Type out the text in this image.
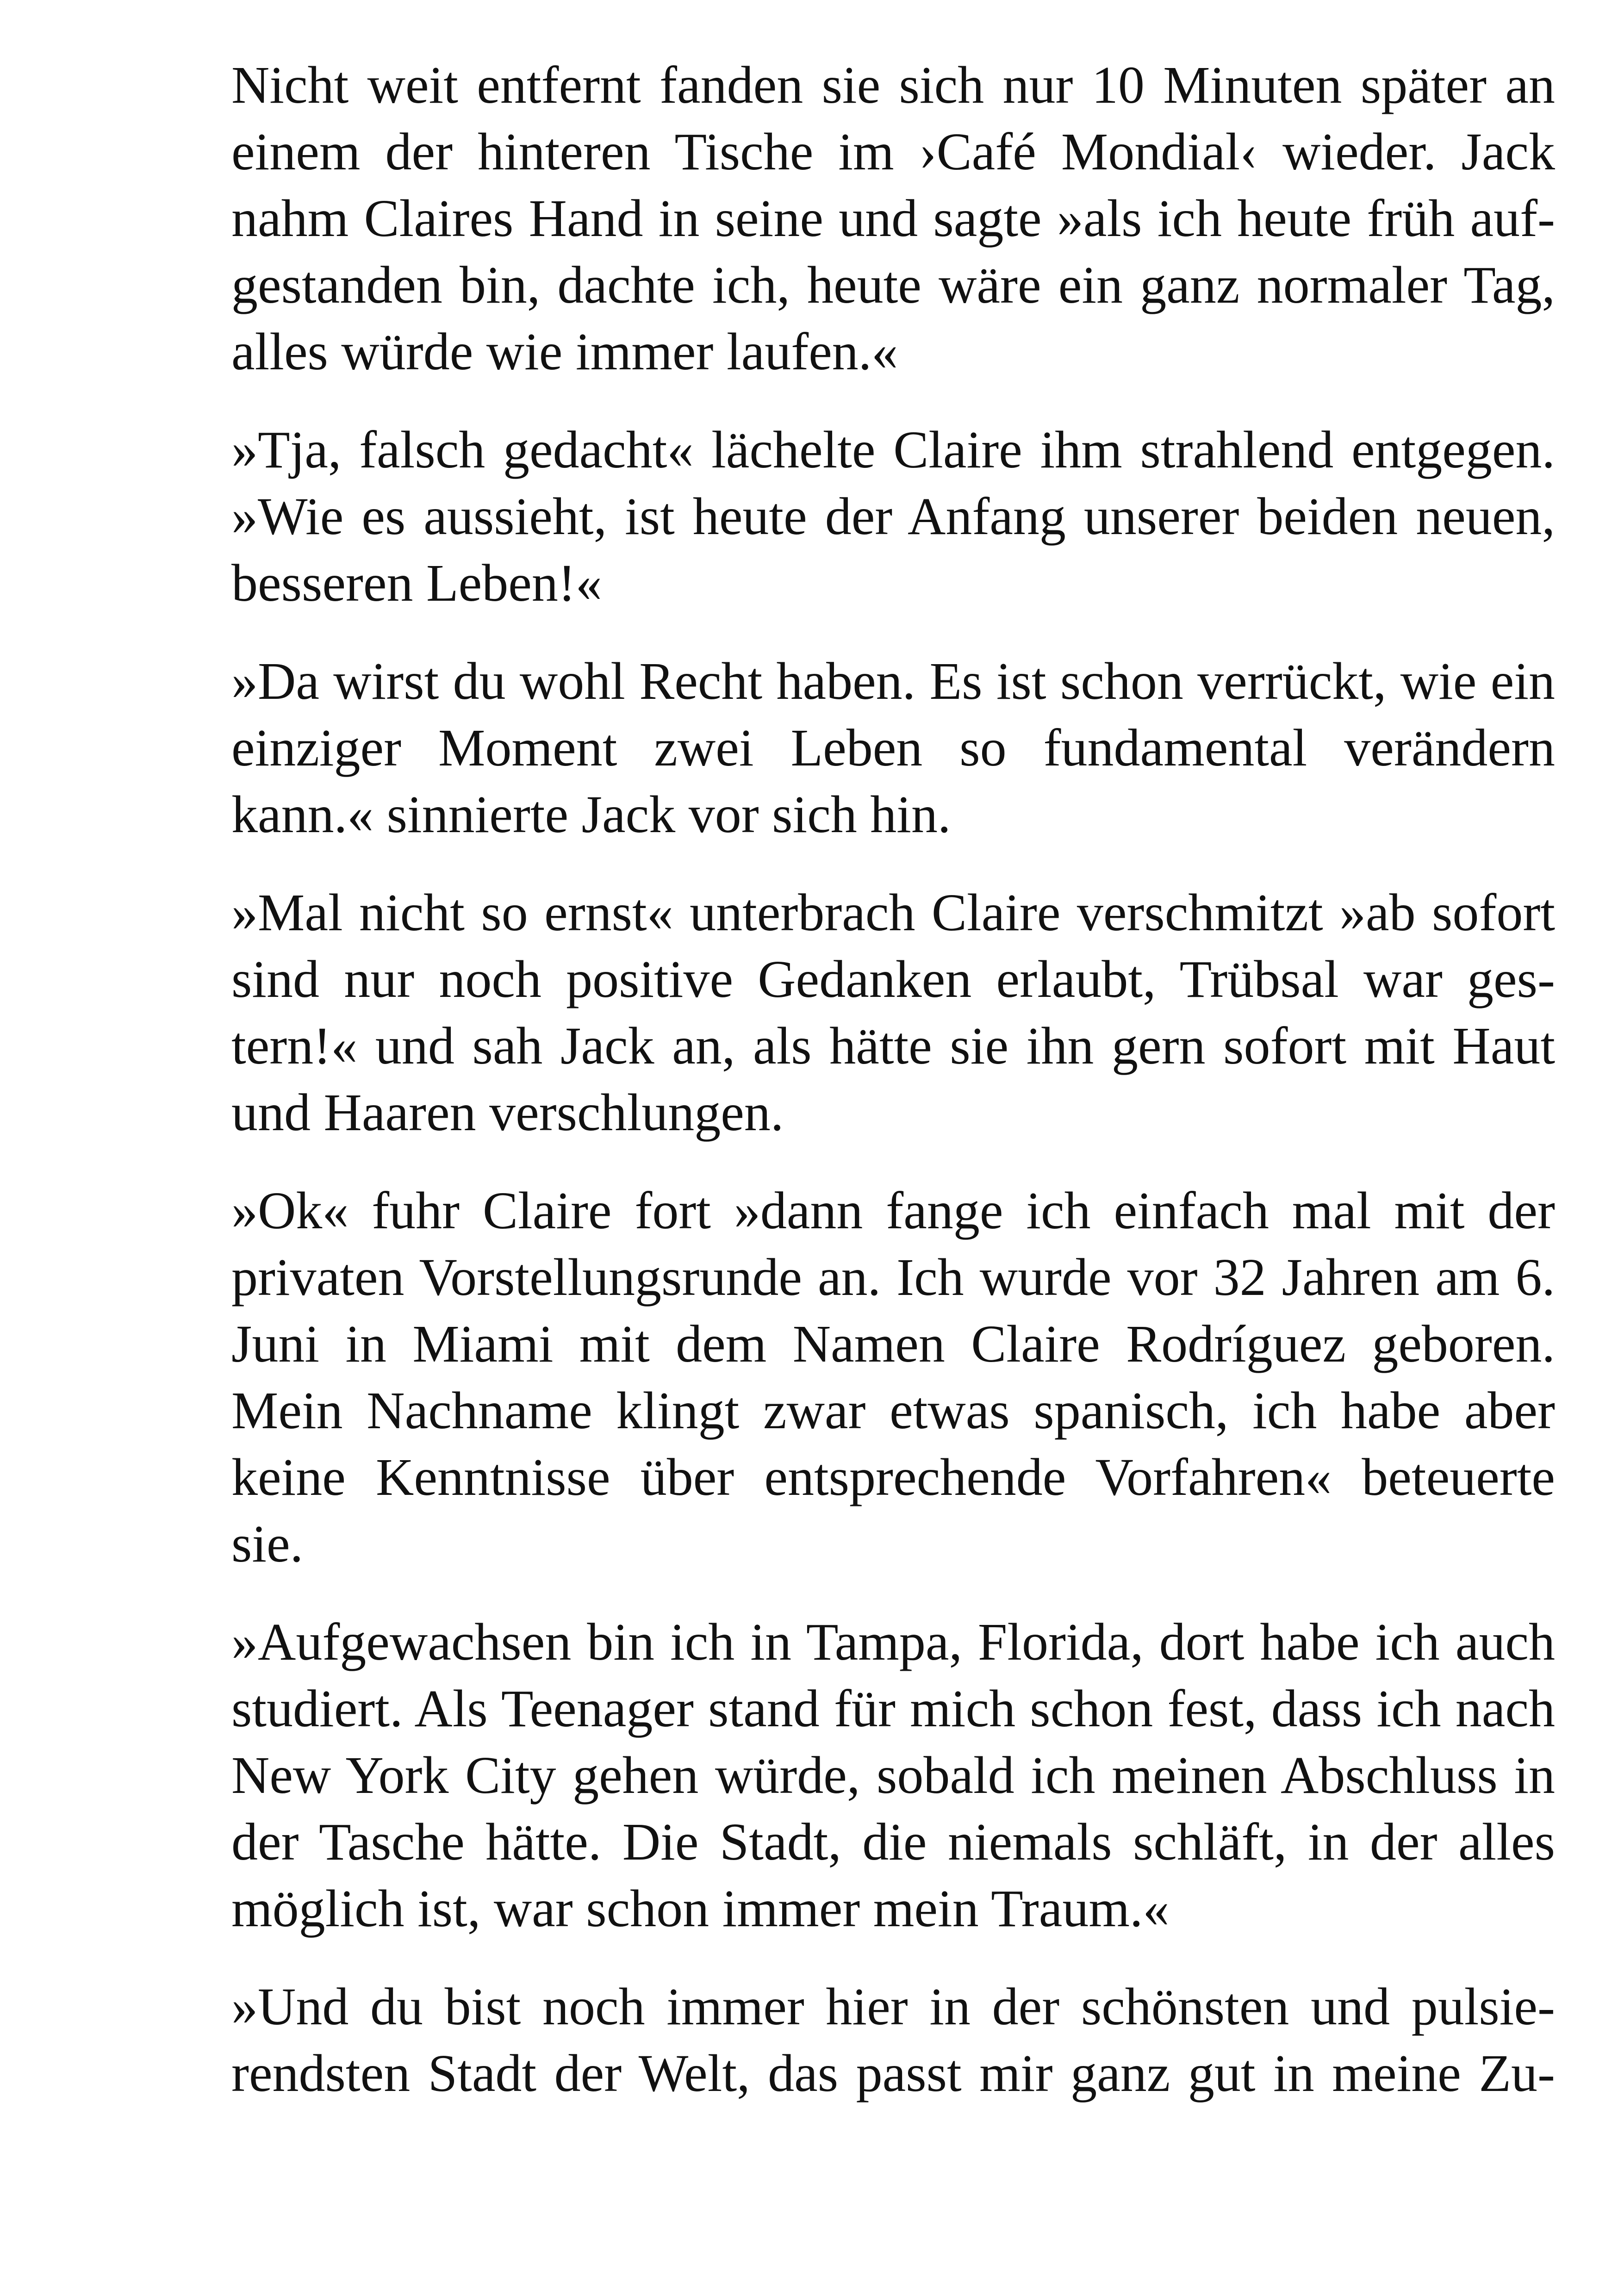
Nicht weit entfernt fanden sie sich nur 10 Minuten später an einem der hinteren Tische im ›Café Mondial‹ wieder. Jack nahm Claires Hand in seine und sagte »als ich heute früh aufgestanden bin, dachte ich, heute wäre ein ganz normaler Tag, alles würde wie immer laufen.«

»Tja, falsch gedacht« lächelte Claire ihm strahlend entgegen. »Wie es aussieht, ist heute der Anfang unserer beiden neuen, besseren Leben!«

»Da wirst du wohl Recht haben. Es ist schon verrückt, wie ein einziger Moment zwei Leben so fundamental verändern kann.« sinnierte Jack vor sich hin.

»Mal nicht so ernst« unterbrach Claire verschmitzt »ab sofort sind nur noch positive Gedanken erlaubt, Trübsal war gestern!« und sah Jack an, als hätte sie ihn gern sofort mit Haut und Haaren verschlungen.

»Ok« fuhr Claire fort »dann fange ich einfach mal mit der privaten Vorstellungsrunde an. Ich wurde vor 32 Jahren am 6. Juni in Miami mit dem Namen Claire Rodríguez geboren. Mein Nachname klingt zwar etwas spanisch, ich habe aber keine Kenntnisse über entsprechende Vorfahren« beteuerte sie.

»Aufgewachsen bin ich in Tampa, Florida, dort habe ich auch studiert. Als Teenager stand für mich schon fest, dass ich nach New York City gehen würde, sobald ich meinen Abschluss in der Tasche hätte. Die Stadt, die niemals schläft, in der alles möglich ist, war schon immer mein Traum.«

»Und du bist noch immer hier in der schönsten und pulsierendsten Stadt der Welt, das passt mir ganz gut in meine Zu-
